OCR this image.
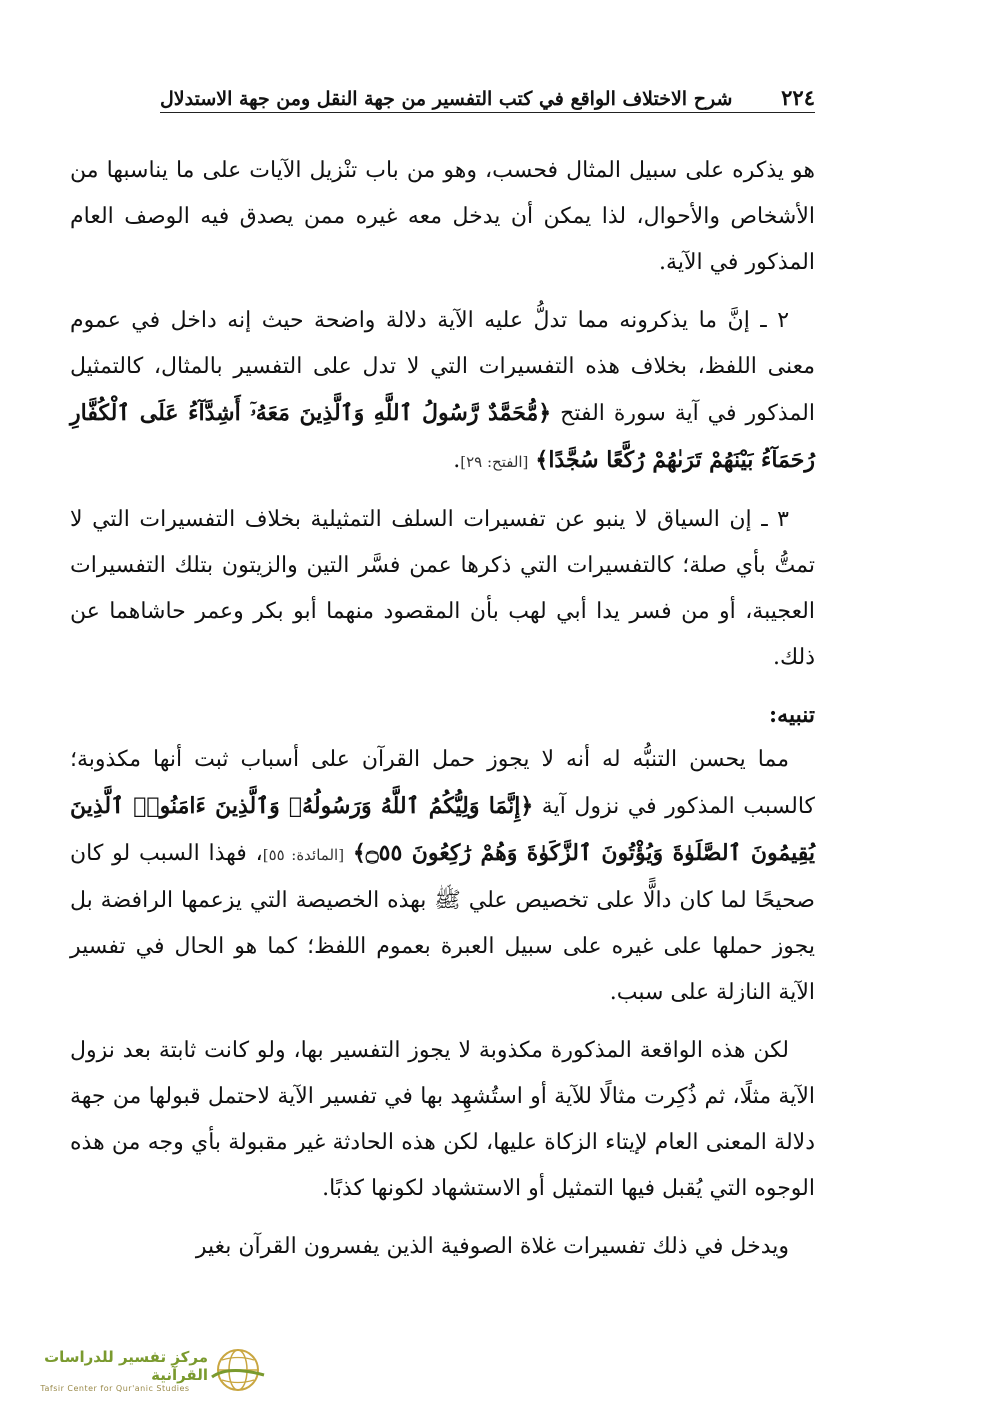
٢٢٤
شرح الاختلاف الواقع في كتب التفسير من جهة النقل ومن جهة الاستدلال

هو يذكره على سبيل المثال فحسب، وهو من باب تنْزيل الآيات على ما يناسبها من الأشخاص والأحوال، لذا يمكن أن يدخل معه غيره ممن يصدق فيه الوصف العام المذكور في الآية.

٢ ـ إنَّ ما يذكرونه مما تدلُّ عليه الآية دلالة واضحة حيث إنه داخل في عموم معنى اللفظ، بخلاف هذه التفسيرات التي لا تدل على التفسير بالمثال، كالتمثيل المذكور في آية سورة الفتح ﴿مُّحَمَّدٌ رَّسُولُ ٱللَّهِ وَٱلَّذِينَ مَعَهُۥٓ أَشِدَّآءُ عَلَى ٱلْكُفَّارِ رُحَمَآءُ بَيْنَهُمْ تَرَىٰهُمْ رُكَّعًا سُجَّدًا﴾ [الفتح: ٢٩].

٣ ـ إن السياق لا ينبو عن تفسيرات السلف التمثيلية بخلاف التفسيرات التي لا تمتُّ بأي صلة؛ كالتفسيرات التي ذكرها عمن فسَّر التين والزيتون بتلك التفسيرات العجيبة، أو من فسر يدا أبي لهب بأن المقصود منهما أبو بكر وعمر حاشاهما عن ذلك.

تنبيه:

مما يحسن التنبُّه له أنه لا يجوز حمل القرآن على أسباب ثبت أنها مكذوبة؛ كالسبب المذكور في نزول آية ﴿إِنَّمَا وَلِيُّكُمُ ٱللَّهُ وَرَسُولُهُۥ وَٱلَّذِينَ ءَامَنُوا۟ ٱلَّذِينَ يُقِيمُونَ ٱلصَّلَوٰةَ وَيُؤْتُونَ ٱلزَّكَوٰةَ وَهُمْ رَٰكِعُونَ ۝٥٥﴾ [المائدة: ٥٥]، فهذا السبب لو كان صحيحًا لما كان دالًّا على تخصيص علي ﷺ بهذه الخصيصة التي يزعمها الرافضة بل يجوز حملها على غيره على سبيل العبرة بعموم اللفظ؛ كما هو الحال في تفسير الآية النازلة على سبب.

لكن هذه الواقعة المذكورة مكذوبة لا يجوز التفسير بها، ولو كانت ثابتة بعد نزول الآية مثلًا، ثم ذُكِرت مثالًا للآية أو استُشهِد بها في تفسير الآية لاحتمل قبولها من جهة دلالة المعنى العام لإيتاء الزكاة عليها، لكن هذه الحادثة غير مقبولة بأي وجه من هذه الوجوه التي يُقبل فيها التمثيل أو الاستشهاد لكونها كذبًا.

ويدخل في ذلك تفسيرات غلاة الصوفية الذين يفسرون القرآن بغير

مركز تفسير للدراسات القرآنية
Tafsir Center for Qur'anic Studies
